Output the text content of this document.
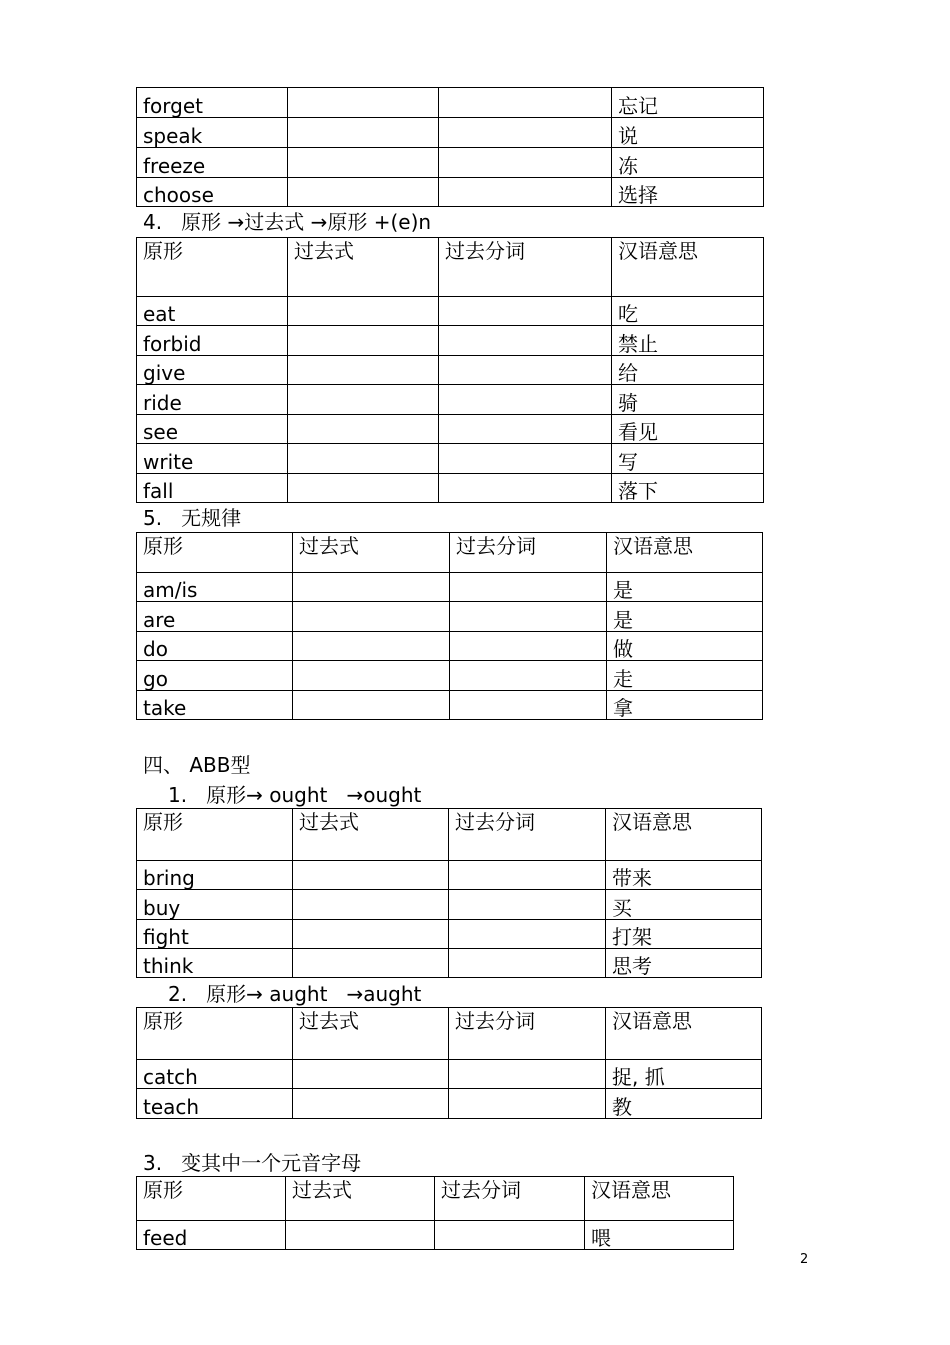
forget			忘记
speak			说
freeze			冻
choose			选择
4.   原形 →过去式 →原形 +(e)n
原形	过去式	过去分词	汉语意思
eat			吃
forbid			禁止
give			给
ride			骑
see			看见
write			写
fall			落下
5.   无规律
原形	过去式	过去分词	汉语意思
am/is			是
are			是
do			做
go			走
take			拿
四、 ABB型
1.   原形→ ought   →ought
原形	过去式	过去分词	汉语意思
bring			带来
buy			买
fight			打架
think			思考
2.   原形→ aught   →aught
原形	过去式	过去分词	汉语意思
catch			捉, 抓
teach			教
3.   变其中一个元音字母
原形	过去式	过去分词	汉语意思
feed			喂
2
